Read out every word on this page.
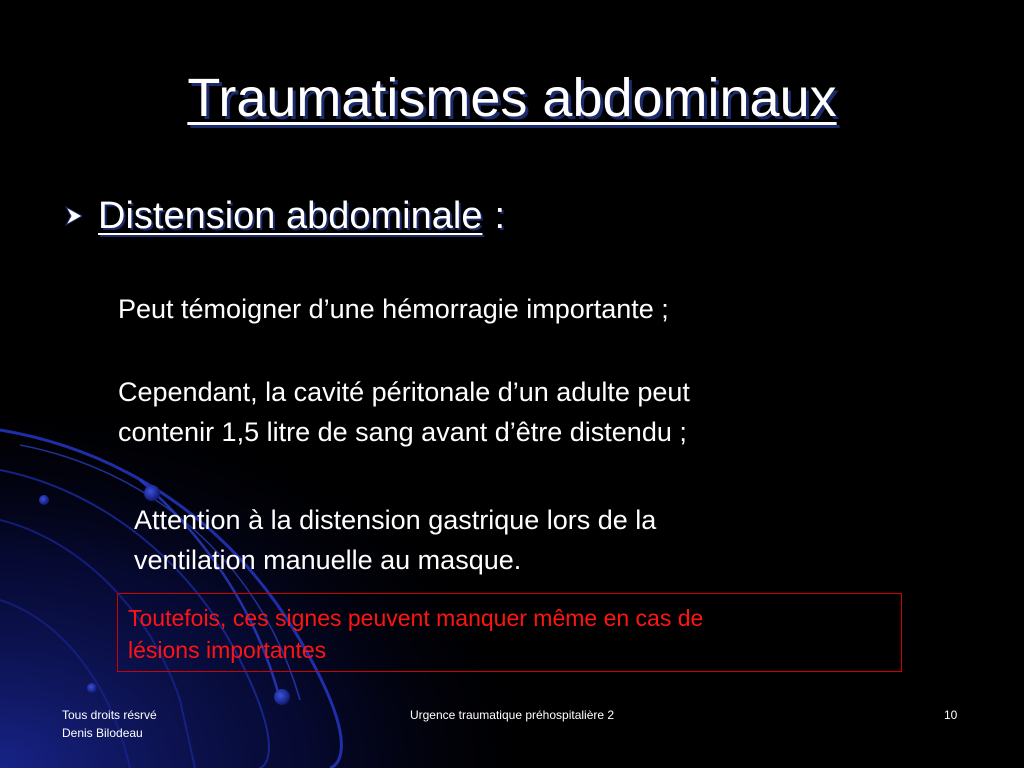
Traumatismes abdominaux
Distension abdominale :
Peut témoigner d’une hémorragie importante ;
Cependant, la cavité péritonale d’un adulte peut
contenir 1,5 litre de sang avant d’être distendu ;
Attention à la distension gastrique lors de la
ventilation manuelle au masque.
Toutefois, ces signes peuvent manquer même en cas de
lésions importantes
Tous droits résrvé
Denis Bilodeau
Urgence traumatique préhospitalière 2	10
